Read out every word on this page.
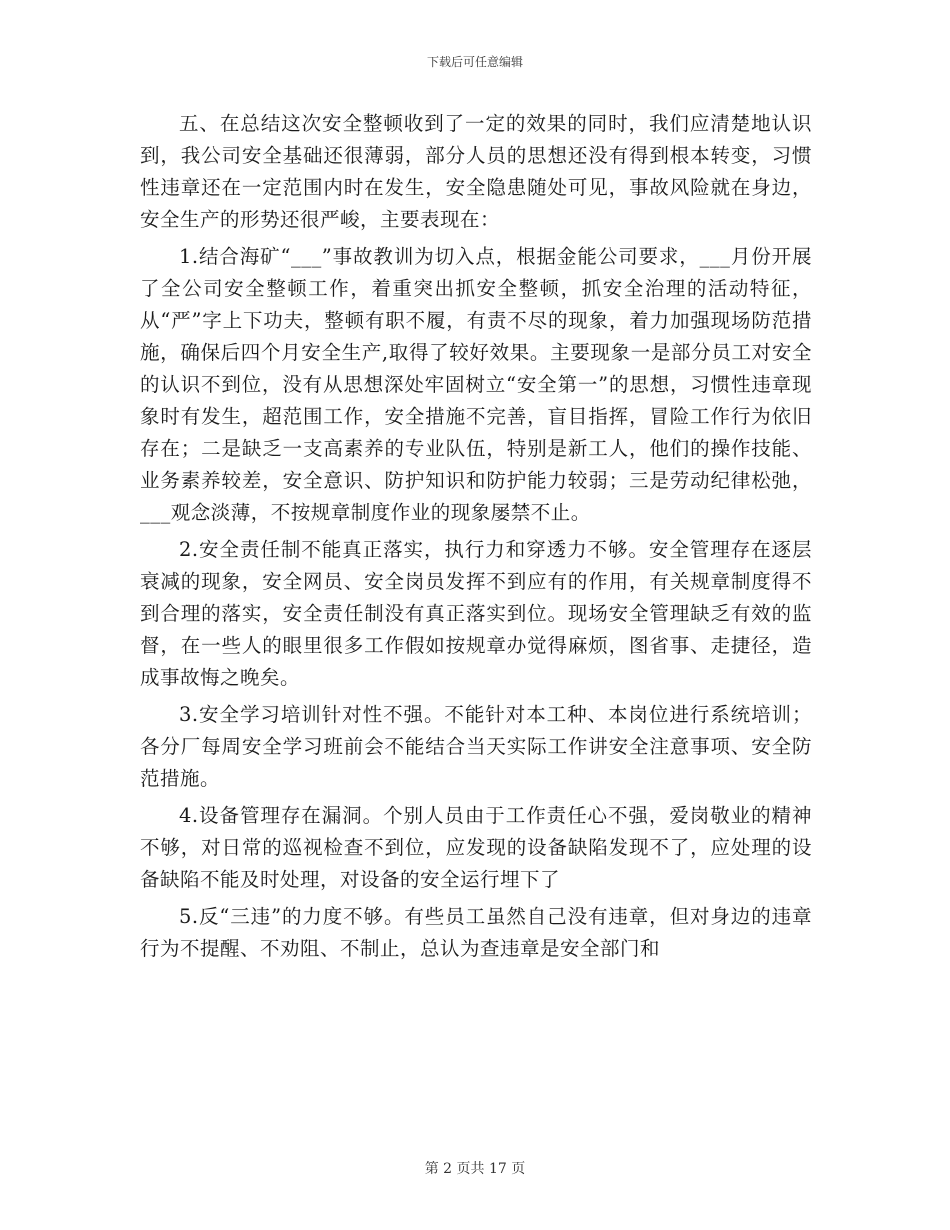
下载后可任意编辑

五、在总结这次安全整顿收到了一定的效果的同时，我们应清楚地认识到，我公司安全基础还很薄弱，部分人员的思想还没有得到根本转变，习惯性违章还在一定范围内时在发生，安全隐患随处可见，事故风险就在身边，安全生产的形势还很严峻，主要表现在：

1.结合海矿“___”事故教训为切入点，根据金能公司要求，___月份开展了全公司安全整顿工作，着重突出抓安全整顿，抓安全治理的活动特征，从“严”字上下功夫，整顿有职不履，有责不尽的现象，着力加强现场防范措施，确保后四个月安全生产,取得了较好效果。主要现象一是部分员工对安全的认识不到位，没有从思想深处牢固树立“安全第一”的思想，习惯性违章现象时有发生，超范围工作，安全措施不完善，盲目指挥，冒险工作行为依旧存在；二是缺乏一支高素养的专业队伍，特别是新工人，他们的操作技能、业务素养较差，安全意识、防护知识和防护能力较弱；三是劳动纪律松弛，___观念淡薄，不按规章制度作业的现象屡禁不止。

2.安全责任制不能真正落实，执行力和穿透力不够。安全管理存在逐层衰减的现象，安全网员、安全岗员发挥不到应有的作用，有关规章制度得不到合理的落实，安全责任制没有真正落实到位。现场安全管理缺乏有效的监督，在一些人的眼里很多工作假如按规章办觉得麻烦，图省事、走捷径，造成事故悔之晚矣。

3.安全学习培训针对性不强。不能针对本工种、本岗位进行系统培训；各分厂每周安全学习班前会不能结合当天实际工作讲安全注意事项、安全防范措施。

4.设备管理存在漏洞。个别人员由于工作责任心不强，爱岗敬业的精神不够，对日常的巡视检查不到位，应发现的设备缺陷发现不了，应处理的设备缺陷不能及时处理，对设备的安全运行埋下了

5.反“三违”的力度不够。有些员工虽然自己没有违章，但对身边的违章行为不提醒、不劝阻、不制止，总认为查违章是安全部门和

第 2 页共 17 页
